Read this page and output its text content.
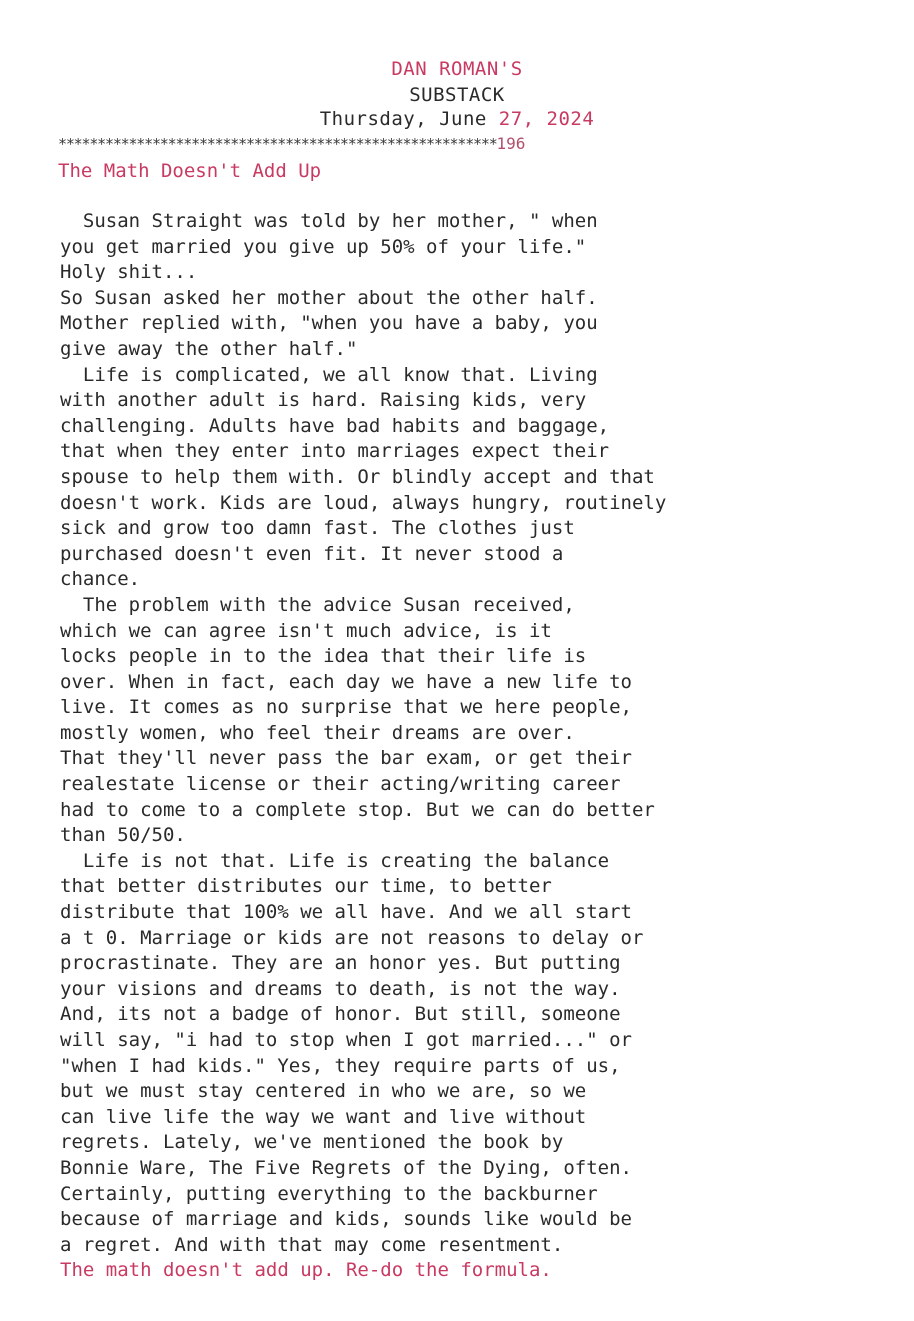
DAN ROMAN'S
SUBSTACK
Thursday, June 27, 2024
********************************************************196
The Math Doesn't Add Up
Susan Straight was told by her mother, " when
you get married you give up 50% of your life."
Holy shit...
So Susan asked her mother about the other half.
Mother replied with, "when you have a baby, you
give away the other half."
Life is complicated, we all know that. Living
with another adult is hard. Raising kids, very
challenging. Adults have bad habits and baggage,
that when they enter into marriages expect their
spouse to help them with. Or blindly accept and that
doesn't work. Kids are loud, always hungry, routinely
sick and grow too damn fast. The clothes just
purchased doesn't even fit. It never stood a
chance.
The problem with the advice Susan received,
which we can agree isn't much advice, is it
locks people in to the idea that their life is
over. When in fact, each day we have a new life to
live. It comes as no surprise that we here people,
mostly women, who feel their dreams are over.
That they'll never pass the bar exam, or get their
realestate license or their acting/writing career
had to come to a complete stop. But we can do better
than 50/50.
Life is not that. Life is creating the balance
that better distributes our time, to better
distribute that 100% we all have. And we all start
a t 0. Marriage or kids are not reasons to delay or
procrastinate. They are an honor yes. But putting
your visions and dreams to death, is not the way.
And, its not a badge of honor. But still, someone
will say, "i had to stop when I got married..." or
"when I had kids." Yes, they require parts of us,
but we must stay centered in who we are, so we
can live life the way we want and live without
regrets. Lately, we've mentioned the book by
Bonnie Ware, The Five Regrets of the Dying, often.
Certainly, putting everything to the backburner
because of marriage and kids, sounds like would be
a regret. And with that may come resentment.
The math doesn't add up. Re-do the formula.
